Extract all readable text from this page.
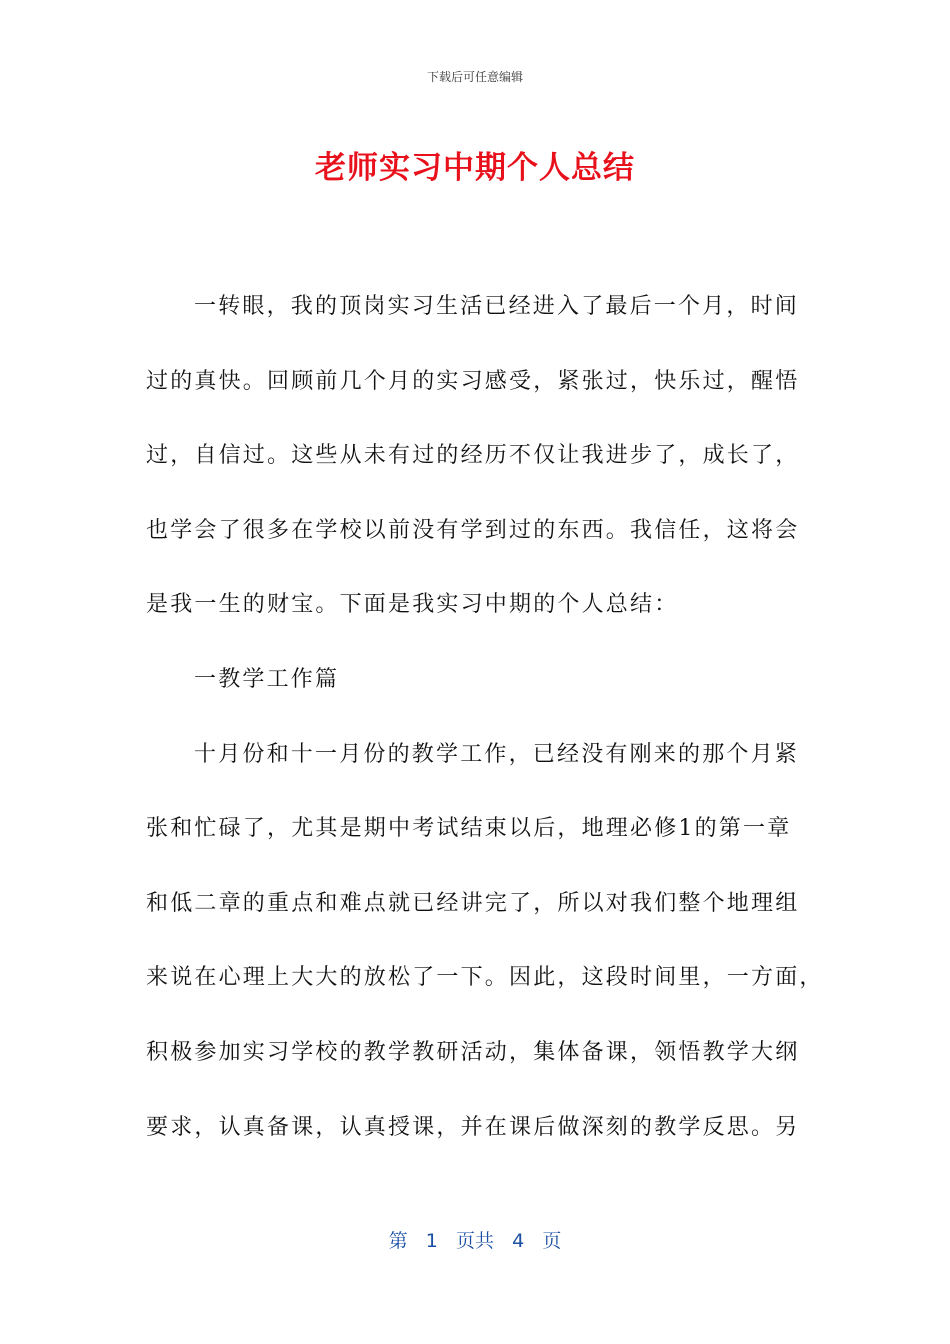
下载后可任意编辑
老师实习中期个人总结
一转眼，我的顶岗实习生活已经进入了最后一个月，时间
过的真快。回顾前几个月的实习感受，紧张过，快乐过，醒悟
过，自信过。这些从未有过的经历不仅让我进步了，成长了，
也学会了很多在学校以前没有学到过的东西。我信任，这将会
是我一生的财宝。下面是我实习中期的个人总结：
一教学工作篇
十月份和十一月份的教学工作，已经没有刚来的那个月紧
张和忙碌了，尤其是期中考试结束以后，地理必修1的第一章
和低二章的重点和难点就已经讲完了，所以对我们整个地理组
来说在心理上大大的放松了一下。因此，这段时间里，一方面，
积极参加实习学校的教学教研活动，集体备课，领悟教学大纲
要求，认真备课，认真授课，并在课后做深刻的教学反思。另
第 1 页共 4 页
